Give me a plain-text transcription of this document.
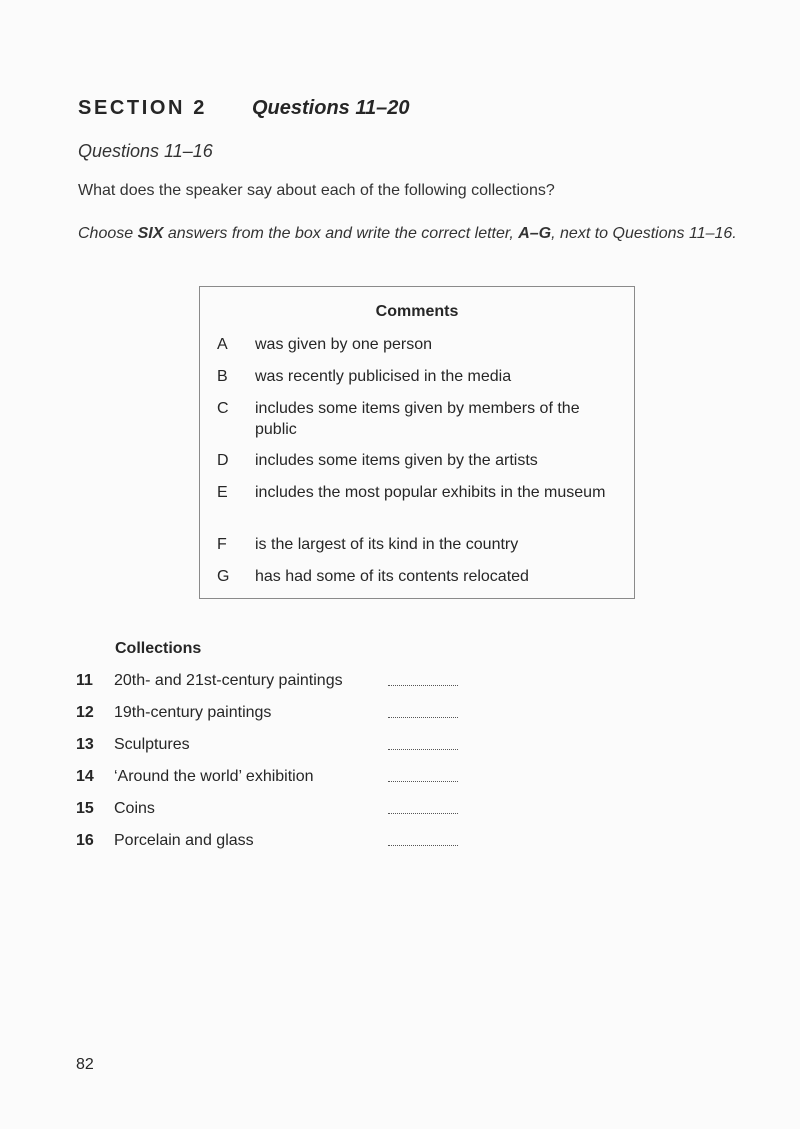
SECTION 2 Questions 11–20
Questions 11–16
What does the speaker say about each of the following collections?
Choose SIX answers from the box and write the correct letter, A–G, next to Questions 11–16.
Comments
A was given by one person
B was recently publicised in the media
C includes some items given by members of the public
D includes some items given by the artists
E includes the most popular exhibits in the museum
F is the largest of its kind in the country
G has had some of its contents relocated
Collections
11 20th- and 21st-century paintings
12 19th-century paintings
13 Sculptures
14 ‘Around the world’ exhibition
15 Coins
16 Porcelain and glass
82
